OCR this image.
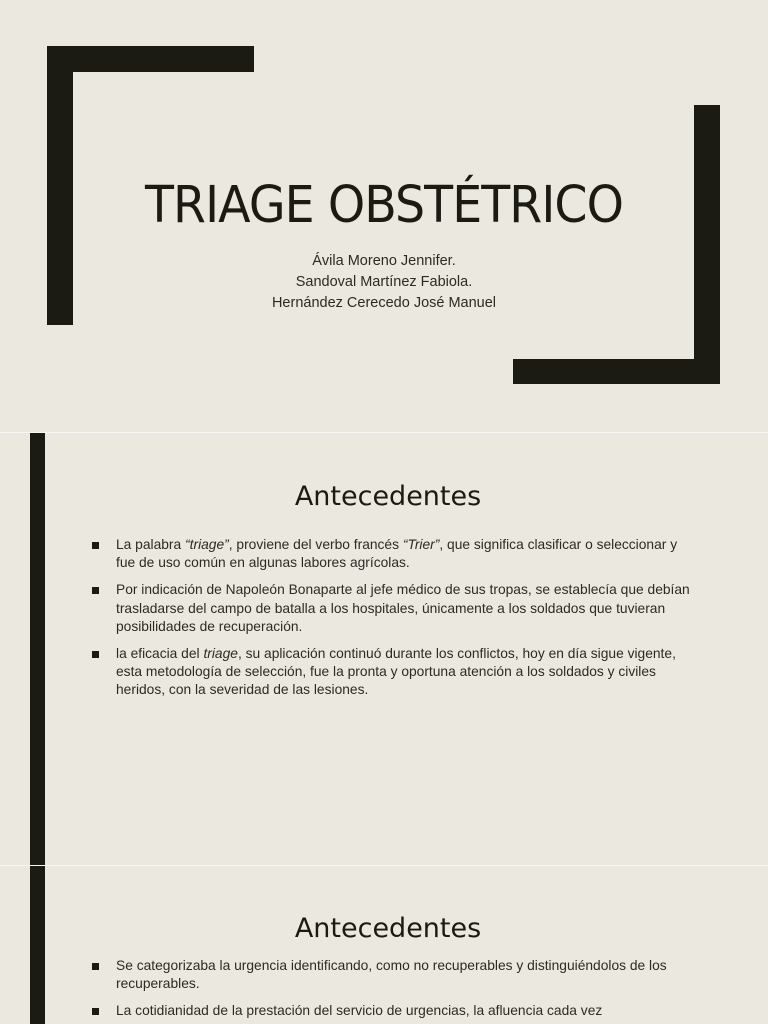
TRIAGE OBSTÉTRICO
Ávila Moreno Jennifer.
Sandoval Martínez Fabiola.
Hernández Cerecedo José Manuel
Antecedentes
La palabra “triage”, proviene del verbo francés “Trier”, que significa clasificar o seleccionar y fue de uso común en algunas labores agrícolas.
Por indicación de Napoleón Bonaparte al jefe médico de sus tropas, se establecía que debían trasladarse del campo de batalla a los hospitales, únicamente a los soldados que tuvieran posibilidades de recuperación.
la eficacia del triage, su aplicación continuó durante los conflictos, hoy en día sigue vigente, esta metodología de selección, fue la pronta y oportuna atención a los soldados y civiles heridos, con la severidad de las lesiones.
Antecedentes
Se categorizaba la urgencia identificando, como no recuperables y distinguiéndolos de los recuperables.
La cotidianidad de la prestación del servicio de urgencias, la afluencia cada vez
